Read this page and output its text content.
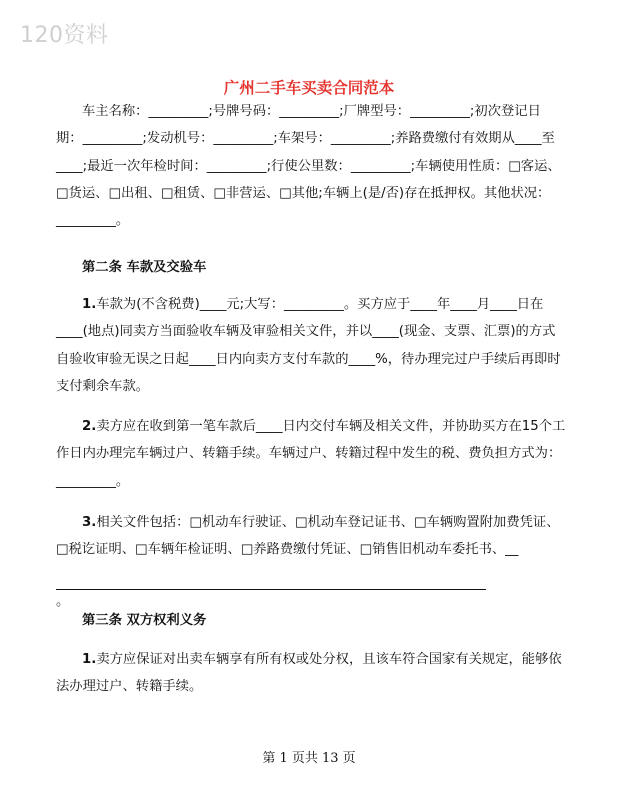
120资料
广州二手车买卖合同范本
车主名称：_________;号牌号码：_________;厂牌型号：_________;初次登记日期：_________;发动机号：_________;车架号：_________;养路费缴付有效期从____至____;最近一次年检时间：_________;行使公里数：_________;车辆使用性质：□客运、□货运、□出租、□租赁、□非营运、□其他;车辆上(是/否)存在抵押权。其他状况：_________。
第二条 车款及交验车
1.车款为(不含税费)____元;大写：_________。买方应于____年____月____日在____(地点)同卖方当面验收车辆及审验相关文件，并以____(现金、支票、汇票)的方式自验收审验无误之日起____日内向卖方支付车款的____%，待办理完过户手续后再即时支付剩余车款。
2.卖方应在收到第一笔车款后____日内交付车辆及相关文件，并协助买方在15个工作日内办理完车辆过户、转籍手续。车辆过户、转籍过程中发生的税、费负担方式为：_________。
3.相关文件包括：□机动车行驶证、□机动车登记证书、□车辆购置附加费凭证、□税讫证明、□车辆年检证明、□养路费缴付凭证、□销售旧机动车委托书、__
。
第三条 双方权利义务
1.卖方应保证对出卖车辆享有所有权或处分权，且该车符合国家有关规定，能够依法办理过户、转籍手续。
第 1 页共 13 页
